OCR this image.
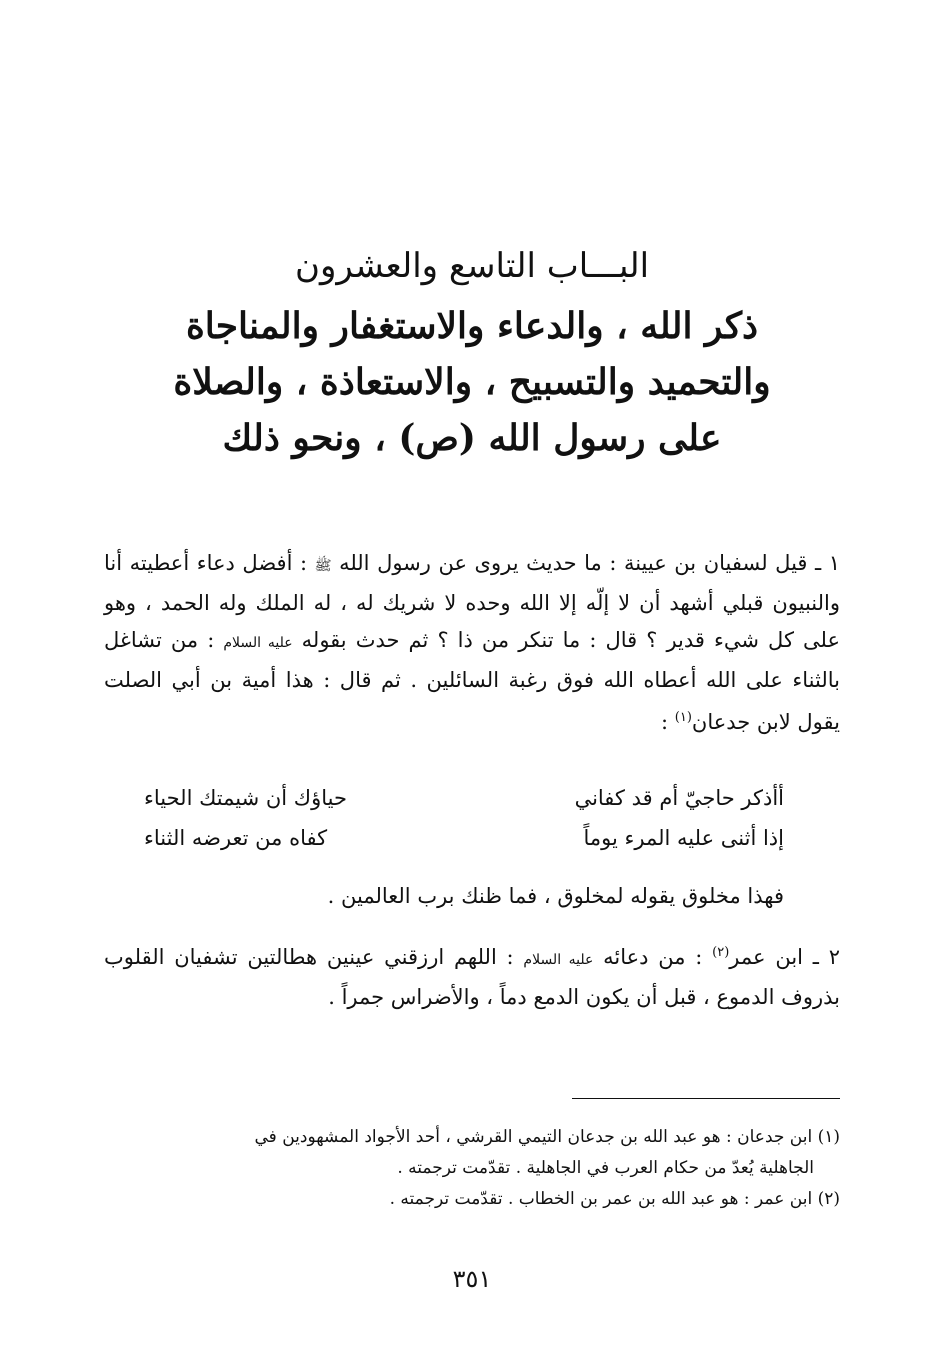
البـــاب التاسع والعشرون
ذكر الله ، والدعاء والاستغفار والمناجاة
والتحميد والتسبيح ، والاستعاذة ، والصلاة
على رسول الله (ص) ، ونحو ذلك

١ ـ قيل لسفيان بن عيينة : ما حديث يروى عن رسول الله ﷺ : أفضل دعاء أعطيته أنا والنبيون قبلي أشهد أن لا إلّه إلا الله وحده لا شريك له ، له الملك وله الحمد ، وهو على كل شيء قدير ؟ قال : ما تنكر من ذا ؟ ثم حدث بقوله عليه السلام : من تشاغل بالثناء على الله أعطاه الله فوق رغبة السائلين . ثم قال : هذا أمية بن أبي الصلت يقول لابن جدعان$^{(١)}$ :

أأذكر حاجيّ أم قد كفاني
حياؤك أن شيمتك الحياء
إذا أثنى عليه المرء يوماً
كفاه من تعرضه الثناء

فهذا مخلوق يقوله لمخلوق ، فما ظنك برب العالمين .

٢ ـ ابن عمر$^{(٢)}$ : من دعائه عليه السلام : اللهم ارزقني عينين هطالتين تشفيان القلوب بذروف الدموع ، قبل أن يكون الدمع دماً ، والأضراس جمراً .

(١) ابن جدعان : هو عبد الله بن جدعان التيمي القرشي ، أحد الأجواد المشهودين في

الجاهلية يُعدّ من حكام العرب في الجاهلية . تقدّمت ترجمته .

(٢) ابن عمر : هو عبد الله بن عمر بن الخطاب . تقدّمت ترجمته .

٣٥١
